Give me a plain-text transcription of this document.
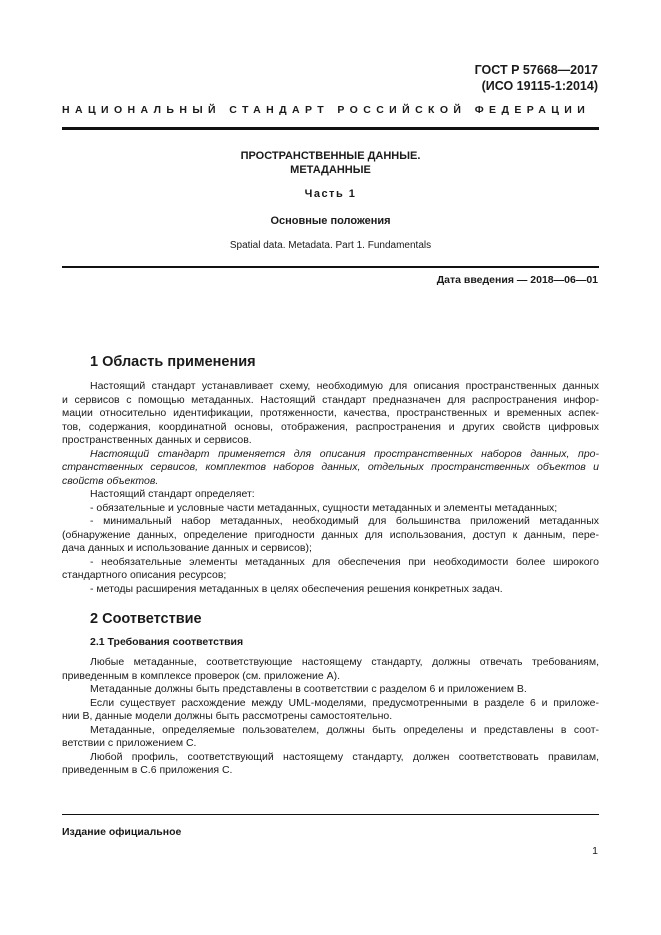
ГОСТ Р 57668—2017
(ИСО 19115-1:2014)
НАЦИОНАЛЬНЫЙ СТАНДАРТ РОССИЙСКОЙ ФЕДЕРАЦИИ
ПРОСТРАНСТВЕННЫЕ ДАННЫЕ.
МЕТАДАННЫЕ
Часть 1
Основные положения
Spatial data. Metadata. Part 1. Fundamentals
Дата введения — 2018—06—01
1 Область применения

Настоящий стандарт устанавливает схему, необходимую для описания пространственных данных

и сервисов с помощью метаданных. Настоящий стандарт предназначен для распространения инфор-

мации относительно идентификации, протяженности, качества, пространственных и временных аспек-

тов, содержания, координатной основы, отображения, распространения и других свойств цифровых

пространственных данных и сервисов.

Настоящий стандарт применяется для описания пространственных наборов данных, про-

странственных сервисов, комплектов наборов данных, отдельных пространственных объектов и

свойств объектов.

Настоящий стандарт определяет:

- обязательные и условные части метаданных, сущности метаданных и элементы метаданных;

- минимальный набор метаданных, необходимый для большинства приложений метаданных

(обнаружение данных, определение пригодности данных для использования, доступ к данным, пере-

дача данных и использование данных и сервисов);

- необязательные элементы метаданных для обеспечения при необходимости более широкого

стандартного описания ресурсов;

- методы расширения метаданных в целях обеспечения решения конкретных задач.

2 Соответствие
2.1 Требования соответствия

Любые метаданные, соответствующие настоящему стандарту, должны отвечать требованиям,

приведенным в комплексе проверок (см. приложение А).

Метаданные должны быть представлены в соответствии с разделом 6 и приложением В.

Если существует расхождение между UML-моделями, предусмотренными в разделе 6 и приложе-

нии В, данные модели должны быть рассмотрены самостоятельно.

Метаданные, определяемые пользователем, должны быть определены и представлены в соот-

ветствии с приложением С.

Любой профиль, соответствующий настоящему стандарту, должен соответствовать правилам,

приведенным в С.6 приложения С.

Издание официальное
1
